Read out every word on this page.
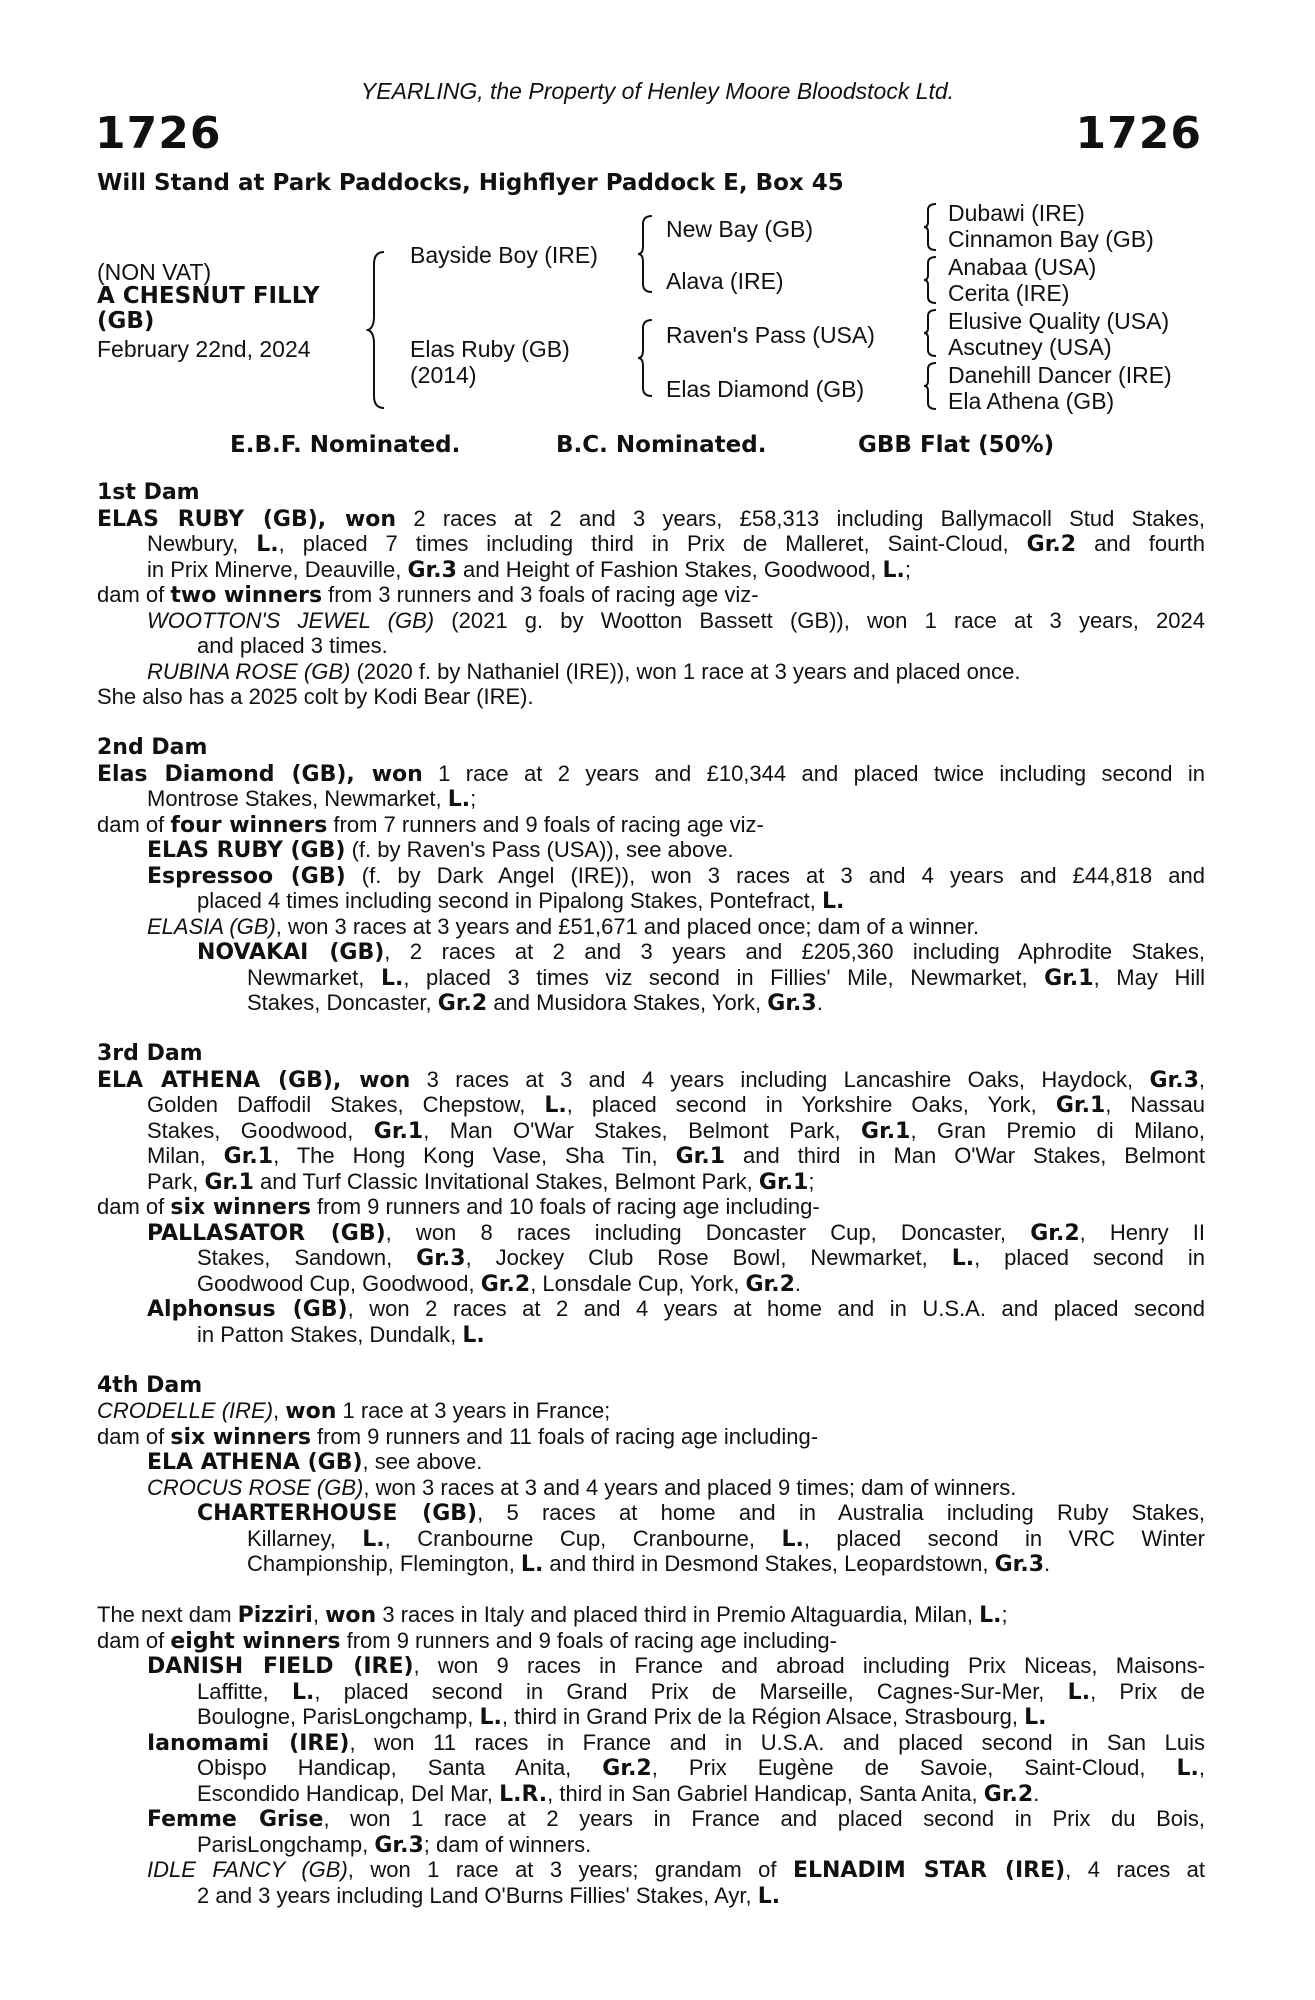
YEARLING, the Property of Henley Moore Bloodstock Ltd.
1726	1726
Will Stand at Park Paddocks, Highflyer Paddock E, Box 45
(NON VAT)
A CHESNUT FILLY
(GB)
February 22nd, 2024
Bayside Boy (IRE)
Elas Ruby (GB)
(2014)
New Bay (GB)
Alava (IRE)
Raven's Pass (USA)
Elas Diamond (GB)
Dubawi (IRE)
Cinnamon Bay (GB)
Anabaa (USA)
Cerita (IRE)
Elusive Quality (USA)
Ascutney (USA)
Danehill Dancer (IRE)
Ela Athena (GB)
E.B.F. Nominated.	B.C. Nominated.	GBB Flat (50%)
1st Dam
ELAS RUBY (GB), won 2 races at 2 and 3 years, £58,313 including Ballymacoll Stud Stakes,
Newbury, L., placed 7 times including third in Prix de Malleret, Saint-Cloud, Gr.2 and fourth
in Prix Minerve, Deauville, Gr.3 and Height of Fashion Stakes, Goodwood, L.;
dam of two winners from 3 runners and 3 foals of racing age viz-
WOOTTON'S JEWEL (GB) (2021 g. by Wootton Bassett (GB)), won 1 race at 3 years, 2024
and placed 3 times.
RUBINA ROSE (GB) (2020 f. by Nathaniel (IRE)), won 1 race at 3 years and placed once.
She also has a 2025 colt by Kodi Bear (IRE).
2nd Dam
Elas Diamond (GB), won 1 race at 2 years and £10,344 and placed twice including second in
Montrose Stakes, Newmarket, L.;
dam of four winners from 7 runners and 9 foals of racing age viz-
ELAS RUBY (GB) (f. by Raven's Pass (USA)), see above.
Espressoo (GB) (f. by Dark Angel (IRE)), won 3 races at 3 and 4 years and £44,818 and
placed 4 times including second in Pipalong Stakes, Pontefract, L.
ELASIA (GB), won 3 races at 3 years and £51,671 and placed once; dam of a winner.
NOVAKAI (GB), 2 races at 2 and 3 years and £205,360 including Aphrodite Stakes,
Newmarket, L., placed 3 times viz second in Fillies' Mile, Newmarket, Gr.1, May Hill
Stakes, Doncaster, Gr.2 and Musidora Stakes, York, Gr.3.
3rd Dam
ELA ATHENA (GB), won 3 races at 3 and 4 years including Lancashire Oaks, Haydock, Gr.3,
Golden Daffodil Stakes, Chepstow, L., placed second in Yorkshire Oaks, York, Gr.1, Nassau
Stakes, Goodwood, Gr.1, Man O'War Stakes, Belmont Park, Gr.1, Gran Premio di Milano,
Milan, Gr.1, The Hong Kong Vase, Sha Tin, Gr.1 and third in Man O'War Stakes, Belmont
Park, Gr.1 and Turf Classic Invitational Stakes, Belmont Park, Gr.1;
dam of six winners from 9 runners and 10 foals of racing age including-
PALLASATOR (GB), won 8 races including Doncaster Cup, Doncaster, Gr.2, Henry II
Stakes, Sandown, Gr.3, Jockey Club Rose Bowl, Newmarket, L., placed second in
Goodwood Cup, Goodwood, Gr.2, Lonsdale Cup, York, Gr.2.
Alphonsus (GB), won 2 races at 2 and 4 years at home and in U.S.A. and placed second
in Patton Stakes, Dundalk, L.
4th Dam
CRODELLE (IRE), won 1 race at 3 years in France;
dam of six winners from 9 runners and 11 foals of racing age including-
ELA ATHENA (GB), see above.
CROCUS ROSE (GB), won 3 races at 3 and 4 years and placed 9 times; dam of winners.
CHARTERHOUSE (GB), 5 races at home and in Australia including Ruby Stakes,
Killarney, L., Cranbourne Cup, Cranbourne, L., placed second in VRC Winter
Championship, Flemington, L. and third in Desmond Stakes, Leopardstown, Gr.3.
The next dam Pizziri, won 3 races in Italy and placed third in Premio Altaguardia, Milan, L.;
dam of eight winners from 9 runners and 9 foals of racing age including-
DANISH FIELD (IRE), won 9 races in France and abroad including Prix Niceas, Maisons-
Laffitte, L., placed second in Grand Prix de Marseille, Cagnes-Sur-Mer, L., Prix de
Boulogne, ParisLongchamp, L., third in Grand Prix de la Région Alsace, Strasbourg, L.
Ianomami (IRE), won 11 races in France and in U.S.A. and placed second in San Luis
Obispo Handicap, Santa Anita, Gr.2, Prix Eugène de Savoie, Saint-Cloud, L.,
Escondido Handicap, Del Mar, L.R., third in San Gabriel Handicap, Santa Anita, Gr.2.
Femme Grise, won 1 race at 2 years in France and placed second in Prix du Bois,
ParisLongchamp, Gr.3; dam of winners.
IDLE FANCY (GB), won 1 race at 3 years; grandam of ELNADIM STAR (IRE), 4 races at
2 and 3 years including Land O'Burns Fillies' Stakes, Ayr, L.
